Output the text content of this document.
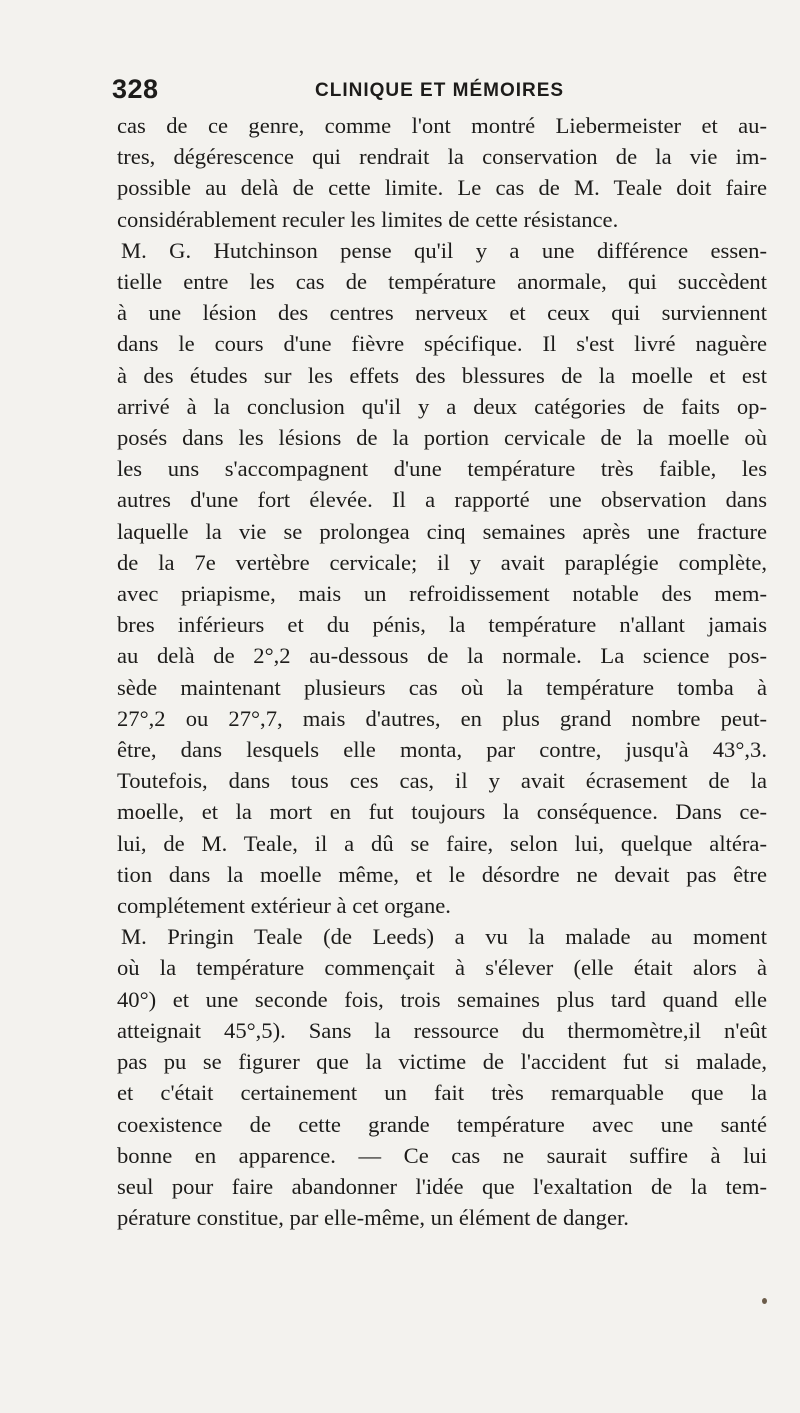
328	CLINIQUE ET MÉMOIRES
cas de ce genre, comme l'ont montré Liebermeister et au-
tres, dégérescence qui rendrait la conservation de la vie im-
possible au delà de cette limite. Le cas de M. Teale doit faire
considérablement reculer les limites de cette résistance.
M. G. Hutchinson pense qu'il y a une différence essen-
tielle entre les cas de température anormale, qui succèdent
à une lésion des centres nerveux et ceux qui surviennent
dans le cours d'une fièvre spécifique. Il s'est livré naguère
à des études sur les effets des blessures de la moelle et est
arrivé à la conclusion qu'il y a deux catégories de faits op-
posés dans les lésions de la portion cervicale de la moelle où
les uns s'accompagnent d'une température très faible, les
autres d'une fort élevée. Il a rapporté une observation dans
laquelle la vie se prolongea cinq semaines après une fracture
de la 7e vertèbre cervicale; il y avait paraplégie complète,
avec priapisme, mais un refroidissement notable des mem-
bres inférieurs et du pénis, la température n'allant jamais
au delà de 2°,2 au-dessous de la normale. La science pos-
sède maintenant plusieurs cas où la température tomba à
27°,2 ou 27°,7, mais d'autres, en plus grand nombre peut-
être, dans lesquels elle monta, par contre, jusqu'à 43°,3.
Toutefois, dans tous ces cas, il y avait écrasement de la
moelle, et la mort en fut toujours la conséquence. Dans ce-
lui, de M. Teale, il a dû se faire, selon lui, quelque altéra-
tion dans la moelle même, et le désordre ne devait pas être
complétement extérieur à cet organe.
M. Pringin Teale (de Leeds) a vu la malade au moment
où la température commençait à s'élever (elle était alors à
40°) et une seconde fois, trois semaines plus tard quand elle
atteignait 45°,5). Sans la ressource du thermomètre,il n'eût
pas pu se figurer que la victime de l'accident fut si malade,
et c'était certainement un fait très remarquable que la
coexistence de cette grande température avec une santé
bonne en apparence. — Ce cas ne saurait suffire à lui
seul pour faire abandonner l'idée que l'exaltation de la tem-
pérature constitue, par elle-même, un élément de danger.
